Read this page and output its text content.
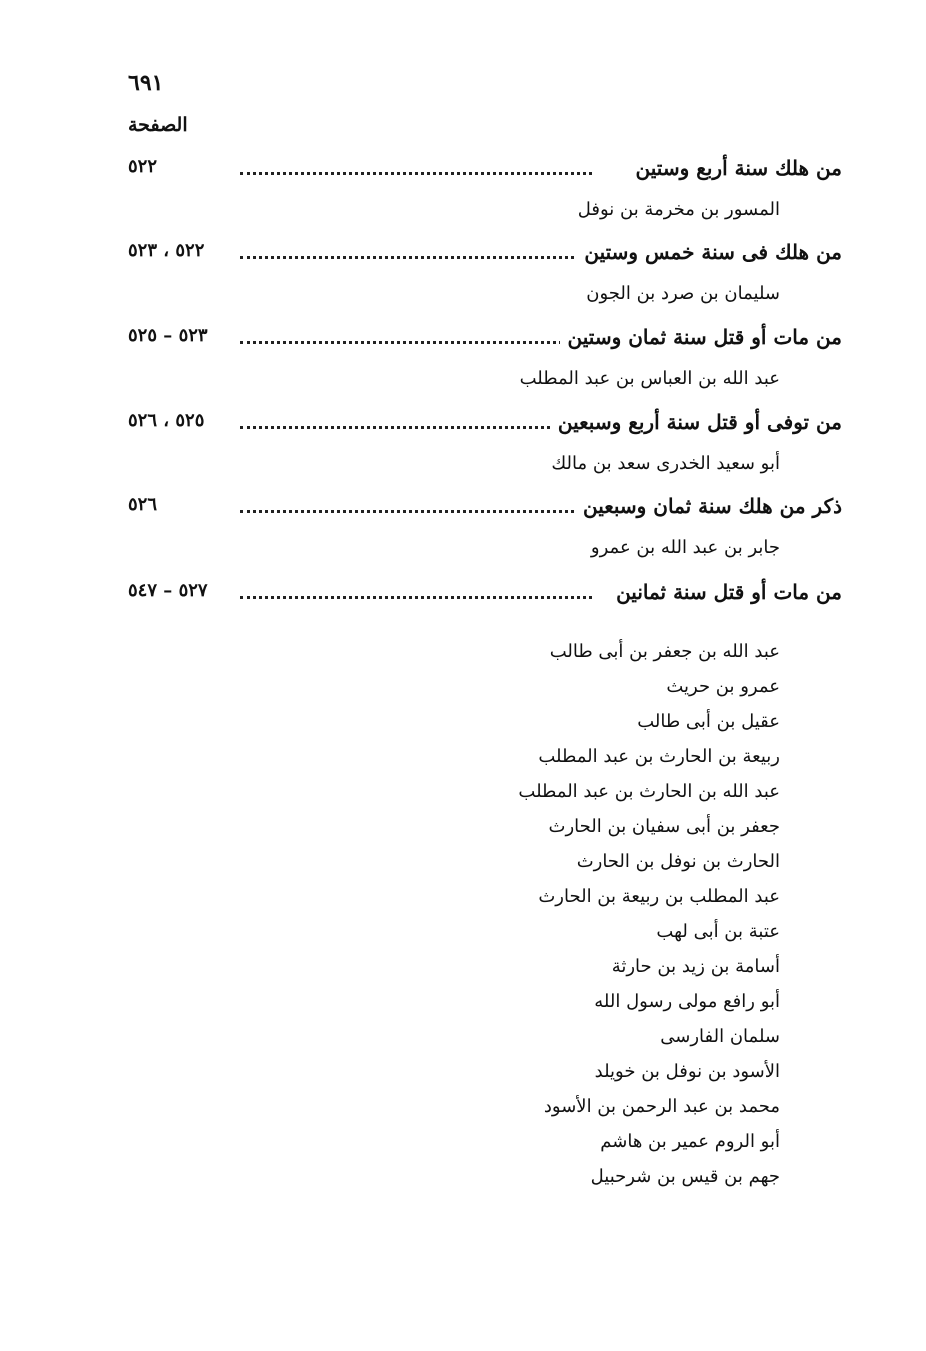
٦٩١
الصفحة
من هلك سنة أربع وستين
٥٢٢
المسور بن مخرمة بن نوفل
من هلك فى سنة خمس وستين
٥٢٢ ، ٥٢٣
سليمان بن صرد بن الجون
من مات أو قتل سنة ثمان وستين
٥٢٣ – ٥٢٥
عبد الله بن العباس بن عبد المطلب
من توفى أو قتل سنة أربع وسبعين
٥٢٥ ، ٥٢٦
أبو سعيد الخدرى سعد بن مالك
ذكر من هلك سنة ثمان وسبعين
٥٢٦
جابر بن عبد الله بن عمرو
من مات أو قتل سنة ثمانين
٥٢٧ – ٥٤٧
عبد الله بن جعفر بن أبى طالب
عمرو بن حريث
عقيل بن أبى طالب
ربيعة بن الحارث بن عبد المطلب
عبد الله بن الحارث بن عبد المطلب
جعفر بن أبى سفيان بن الحارث
الحارث بن نوفل بن الحارث
عبد المطلب بن ربيعة بن الحارث
عتبة بن أبى لهب
أسامة بن زيد بن حارثة
أبو رافع مولى رسول الله
سلمان الفارسى
الأسود بن نوفل بن خويلد
محمد بن عبد الرحمن بن الأسود
أبو الروم عمير بن هاشم
جهم بن قيس بن شرحبيل
